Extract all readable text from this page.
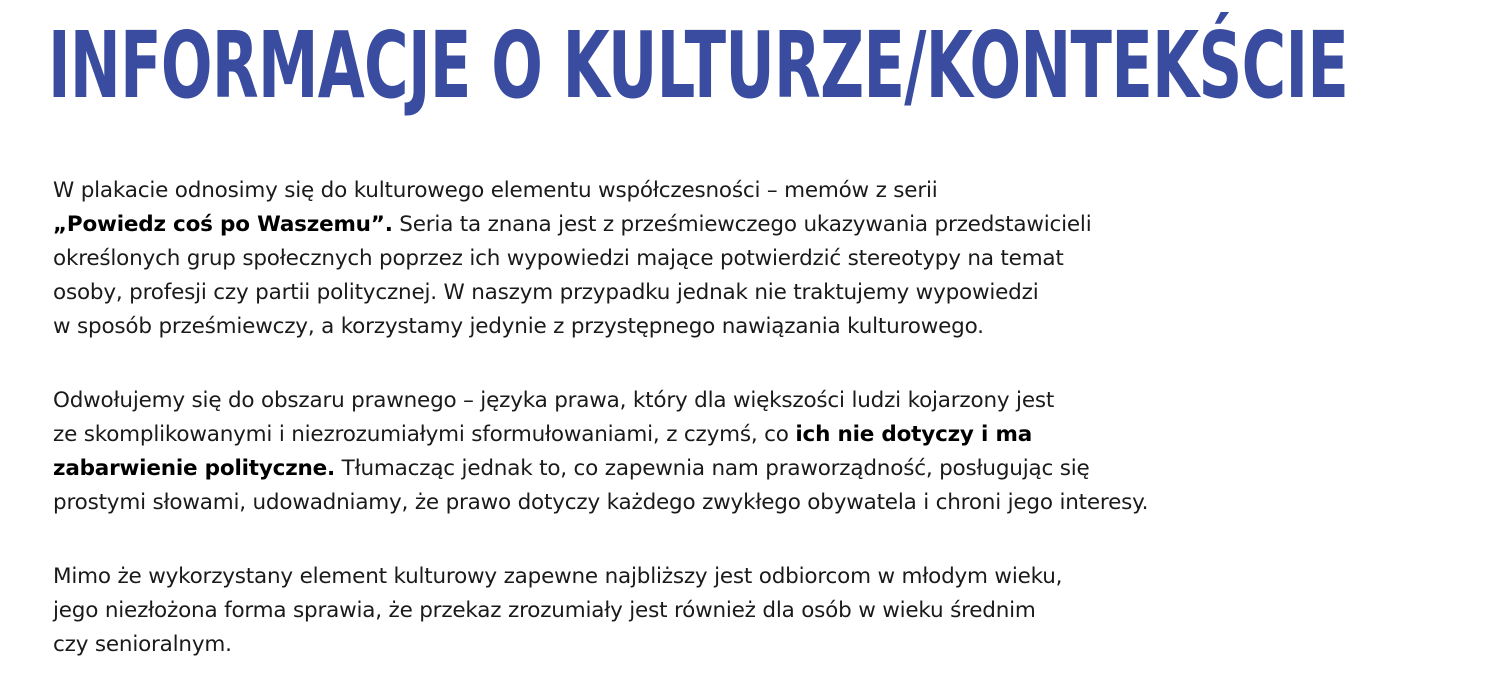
INFORMACJE O KULTURZE/KONTEKŚCIE

W plakacie odnosimy się do kulturowego elementu współczesności – memów z serii
„Powiedz coś po Waszemu”. Seria ta znana jest z prześmiewczego ukazywania przedstawicieli
określonych grup społecznych poprzez ich wypowiedzi mające potwierdzić stereotypy na temat
osoby, profesji czy partii politycznej. W naszym przypadku jednak nie traktujemy wypowiedzi
w sposób prześmiewczy, a korzystamy jedynie z przystępnego nawiązania kulturowego.

Odwołujemy się do obszaru prawnego – języka prawa, który dla większości ludzi kojarzony jest
ze skomplikowanymi i niezrozumiałymi sformułowaniami, z czymś, co ich nie dotyczy i ma
zabarwienie polityczne. Tłumacząc jednak to, co zapewnia nam praworządność, posługując się
prostymi słowami, udowadniamy, że prawo dotyczy każdego zwykłego obywatela i chroni jego interesy.

Mimo że wykorzystany element kulturowy zapewne najbliższy jest odbiorcom w młodym wieku,
jego niezłożona forma sprawia, że przekaz zrozumiały jest również dla osób w wieku średnim
czy senioralnym.
